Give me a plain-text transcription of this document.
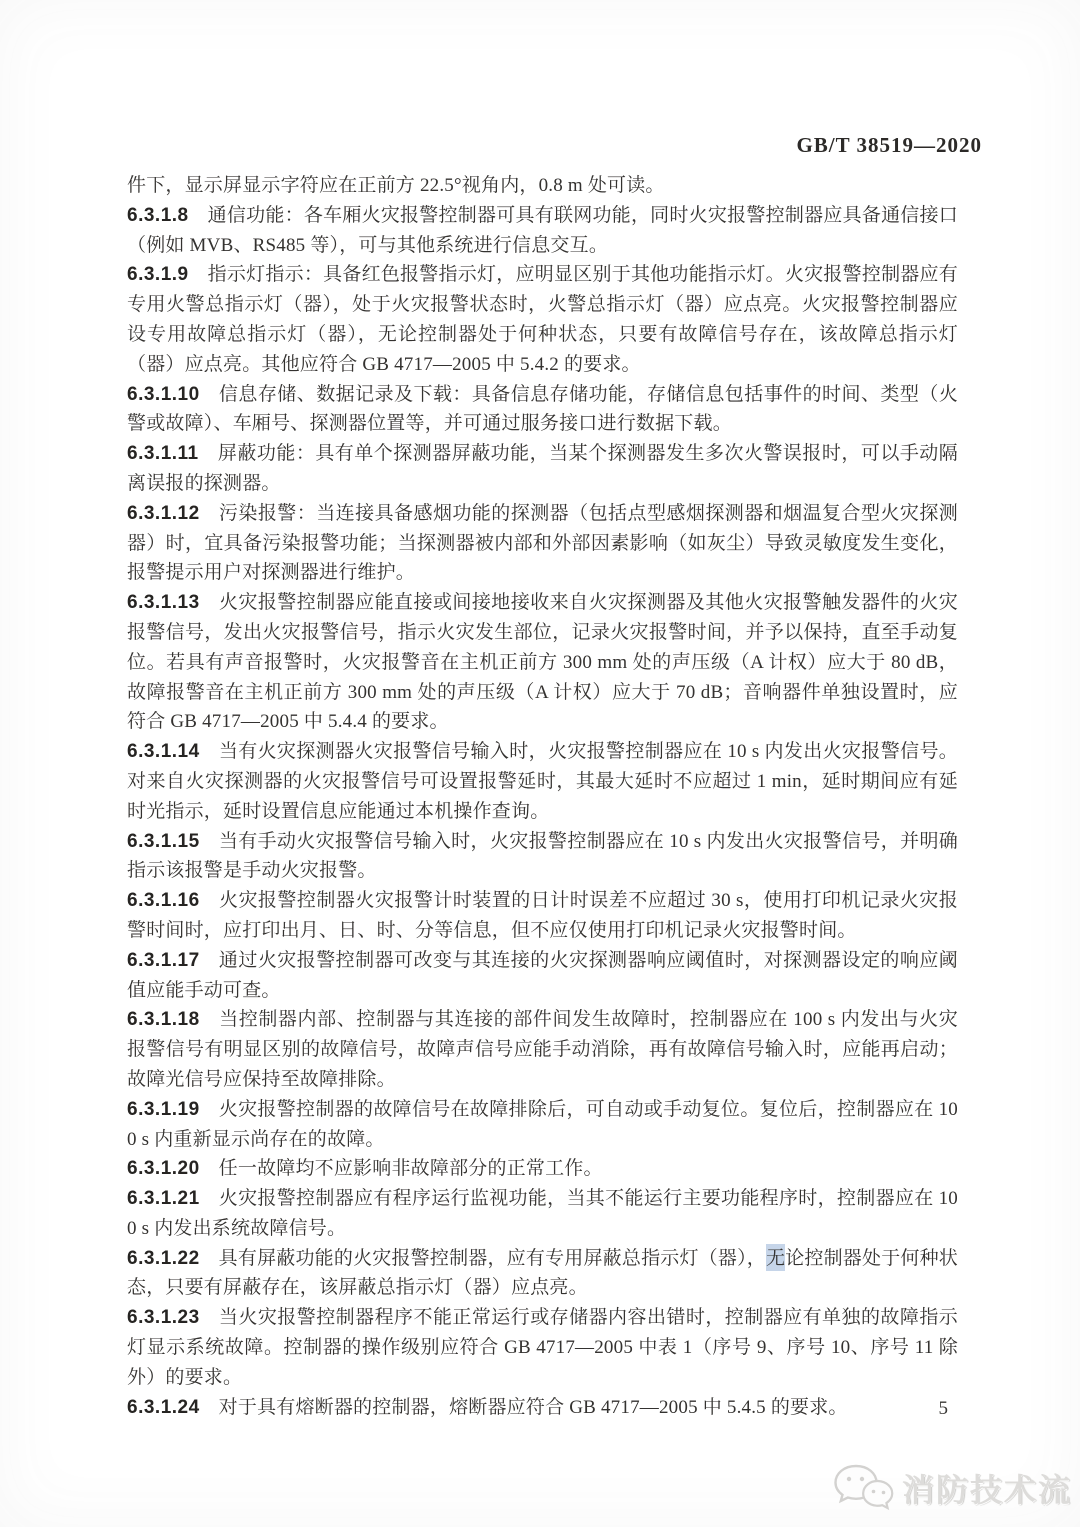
GB/T 38519—2020

件下，显示屏显示字符应在正前方 22.5°视角内，0.8 m 处可读。

6.3.1.8 通信功能：各车厢火灾报警控制器可具有联网功能，同时火灾报警控制器应具备通信接口（例如 MVB、RS485 等），可与其他系统进行信息交互。

6.3.1.9 指示灯指示：具备红色报警指示灯，应明显区别于其他功能指示灯。火灾报警控制器应有专用火警总指示灯（器），处于火灾报警状态时，火警总指示灯（器）应点亮。火灾报警控制器应设专用故障总指示灯（器），无论控制器处于何种状态，只要有故障信号存在，该故障总指示灯（器）应点亮。其他应符合 GB 4717—2005 中 5.4.2 的要求。

6.3.1.10 信息存储、数据记录及下载：具备信息存储功能，存储信息包括事件的时间、类型（火警或故障）、车厢号、探测器位置等，并可通过服务接口进行数据下载。

6.3.1.11 屏蔽功能：具有单个探测器屏蔽功能，当某个探测器发生多次火警误报时，可以手动隔离误报的探测器。

6.3.1.12 污染报警：当连接具备感烟功能的探测器（包括点型感烟探测器和烟温复合型火灾探测器）时，宜具备污染报警功能；当探测器被内部和外部因素影响（如灰尘）导致灵敏度发生变化，报警提示用户对探测器进行维护。

6.3.1.13 火灾报警控制器应能直接或间接地接收来自火灾探测器及其他火灾报警触发器件的火灾报警信号，发出火灾报警信号，指示火灾发生部位，记录火灾报警时间，并予以保持，直至手动复位。若具有声音报警时，火灾报警音在主机正前方 300 mm 处的声压级（A 计权）应大于 80 dB，故障报警音在主机正前方 300 mm 处的声压级（A 计权）应大于 70 dB；音响器件单独设置时，应符合 GB 4717—2005 中 5.4.4 的要求。

6.3.1.14 当有火灾探测器火灾报警信号输入时，火灾报警控制器应在 10 s 内发出火灾报警信号。对来自火灾探测器的火灾报警信号可设置报警延时，其最大延时不应超过 1 min，延时期间应有延时光指示，延时设置信息应能通过本机操作查询。

6.3.1.15 当有手动火灾报警信号输入时，火灾报警控制器应在 10 s 内发出火灾报警信号，并明确指示该报警是手动火灾报警。

6.3.1.16 火灾报警控制器火灾报警计时装置的日计时误差不应超过 30 s，使用打印机记录火灾报警时间时，应打印出月、日、时、分等信息，但不应仅使用打印机记录火灾报警时间。

6.3.1.17 通过火灾报警控制器可改变与其连接的火灾探测器响应阈值时，对探测器设定的响应阈值应能手动可查。

6.3.1.18 当控制器内部、控制器与其连接的部件间发生故障时，控制器应在 100 s 内发出与火灾报警信号有明显区别的故障信号，故障声信号应能手动消除，再有故障信号输入时，应能再启动；故障光信号应保持至故障排除。

6.3.1.19 火灾报警控制器的故障信号在故障排除后，可自动或手动复位。复位后，控制器应在 100 s 内重新显示尚存在的故障。

6.3.1.20 任一故障均不应影响非故障部分的正常工作。

6.3.1.21 火灾报警控制器应有程序运行监视功能，当其不能运行主要功能程序时，控制器应在 100 s 内发出系统故障信号。

6.3.1.22 具有屏蔽功能的火灾报警控制器，应有专用屏蔽总指示灯（器），无论控制器处于何种状态，只要有屏蔽存在，该屏蔽总指示灯（器）应点亮。

6.3.1.23 当火灾报警控制器程序不能正常运行或存储器内容出错时，控制器应有单独的故障指示灯显示系统故障。控制器的操作级别应符合 GB 4717—2005 中表 1（序号 9、序号 10、序号 11 除外）的要求。

6.3.1.24 对于具有熔断器的控制器，熔断器应符合 GB 4717—2005 中 5.4.5 的要求。	5
消防技术流
